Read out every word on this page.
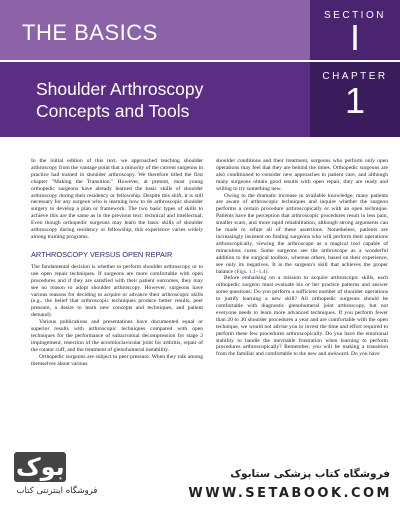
THE BASICS
SECTION
I
CHAPTER
1
Shoulder Arthroscopy
Concepts and Tools

In the initial edition of this text, we approached teaching shoulder arthroscopy from the vantage point that a minority of the current surgeons in practice had trained in shoulder arthroscopy. We therefore titled the first chapter "Making the Transition." However, at present, most young orthopedic surgeons have already learned the basic skills of shoulder arthroscopy during their residency or fellowship. Despite this shift, it is still necessary for any surgeon who is learning how to do arthroscopic shoulder surgery to develop a plan or framework. The two basic types of skills to achieve this are the same as in the previous text: technical and intellectual. Even though orthopedic surgeons may learn the basic skills of shoulder arthroscopy during residency or fellowship, this experience varies widely among training programs.

ARTHROSCOPY VERSUS OPEN REPAIR

The fundamental decision is whether to perform shoulder arthroscopy or to use open repair techniques. If surgeons are more comfortable with open procedures and if they are satisfied with their patient outcomes, they may see no reason to adopt shoulder arthroscopy. However, surgeons have various reasons for deciding to acquire or advance their arthroscopic skills (e.g., the belief that arthroscopic techniques produce better results, peer pressure, a desire to learn new concepts and techniques, and patient demand).

Various publications and presentations have documented equal or superior results with arthroscopic techniques compared with open techniques for the performance of subacromial decompression for stage 2 impingement, resection of the acromioclavicular joint for arthritis, repair of the rotator cuff, and the treatment of glenohumeral instability.

Orthopedic surgeons are subject to peer pressure. When they talk among themselves about various

shoulder conditions and their treatment, surgeons who perform only open operations may feel that they are behind the times. Orthopedic surgeons are also conditioned to consider new approaches to patient care, and although many surgeons obtain good results with open repair, they are ready and willing to try something new.

Owing to the dramatic increase in available knowledge, many patients are aware of arthroscopic techniques and inquire whether the surgeon performs a certain procedure arthroscopically or with an open technique. Patients have the perception that arthroscopic procedures result in less pain, smaller scars, and more rapid rehabilitation, although strong arguments can be made to refute all of these assertions. Nonetheless, patients are increasingly insistent on finding surgeons who will perform their operations arthroscopically, viewing the arthroscope as a magical tool capable of miraculous cures. Some surgeons see the arthroscope as a wonderful addition to the surgical toolbox, whereas others, based on their experience, see only its negatives. It is the surgeon's skill that achieves the proper balance (Figs. 1.1–1.4).

Before embarking on a mission to acquire arthroscopic skills, each orthopedic surgeon must evaluate his or her practice patterns and answer some questions: Do you perform a sufficient number of shoulder operations to justify learning a new skill? All orthopedic surgeons should be comfortable with diagnostic glenohumeral joint arthroscopy, but not everyone needs to learn more advanced techniques. If you perform fewer than 20 to 30 shoulder procedures a year and are comfortable with the open technique, we would not advise you to invest the time and effort required to perform these few procedures arthroscopically. Do you have the emotional stability to handle the inevitable frustration when learning to perform procedures arthroscopically? Remember, you will be making a transition from the familiar and comfortable to the new and awkward. Do you have

ستابوک
فروشگاه اینترنتی کتاب
فروشگاه کتاب پزشکی ستابوک
WWW.SETABOOK.COM
